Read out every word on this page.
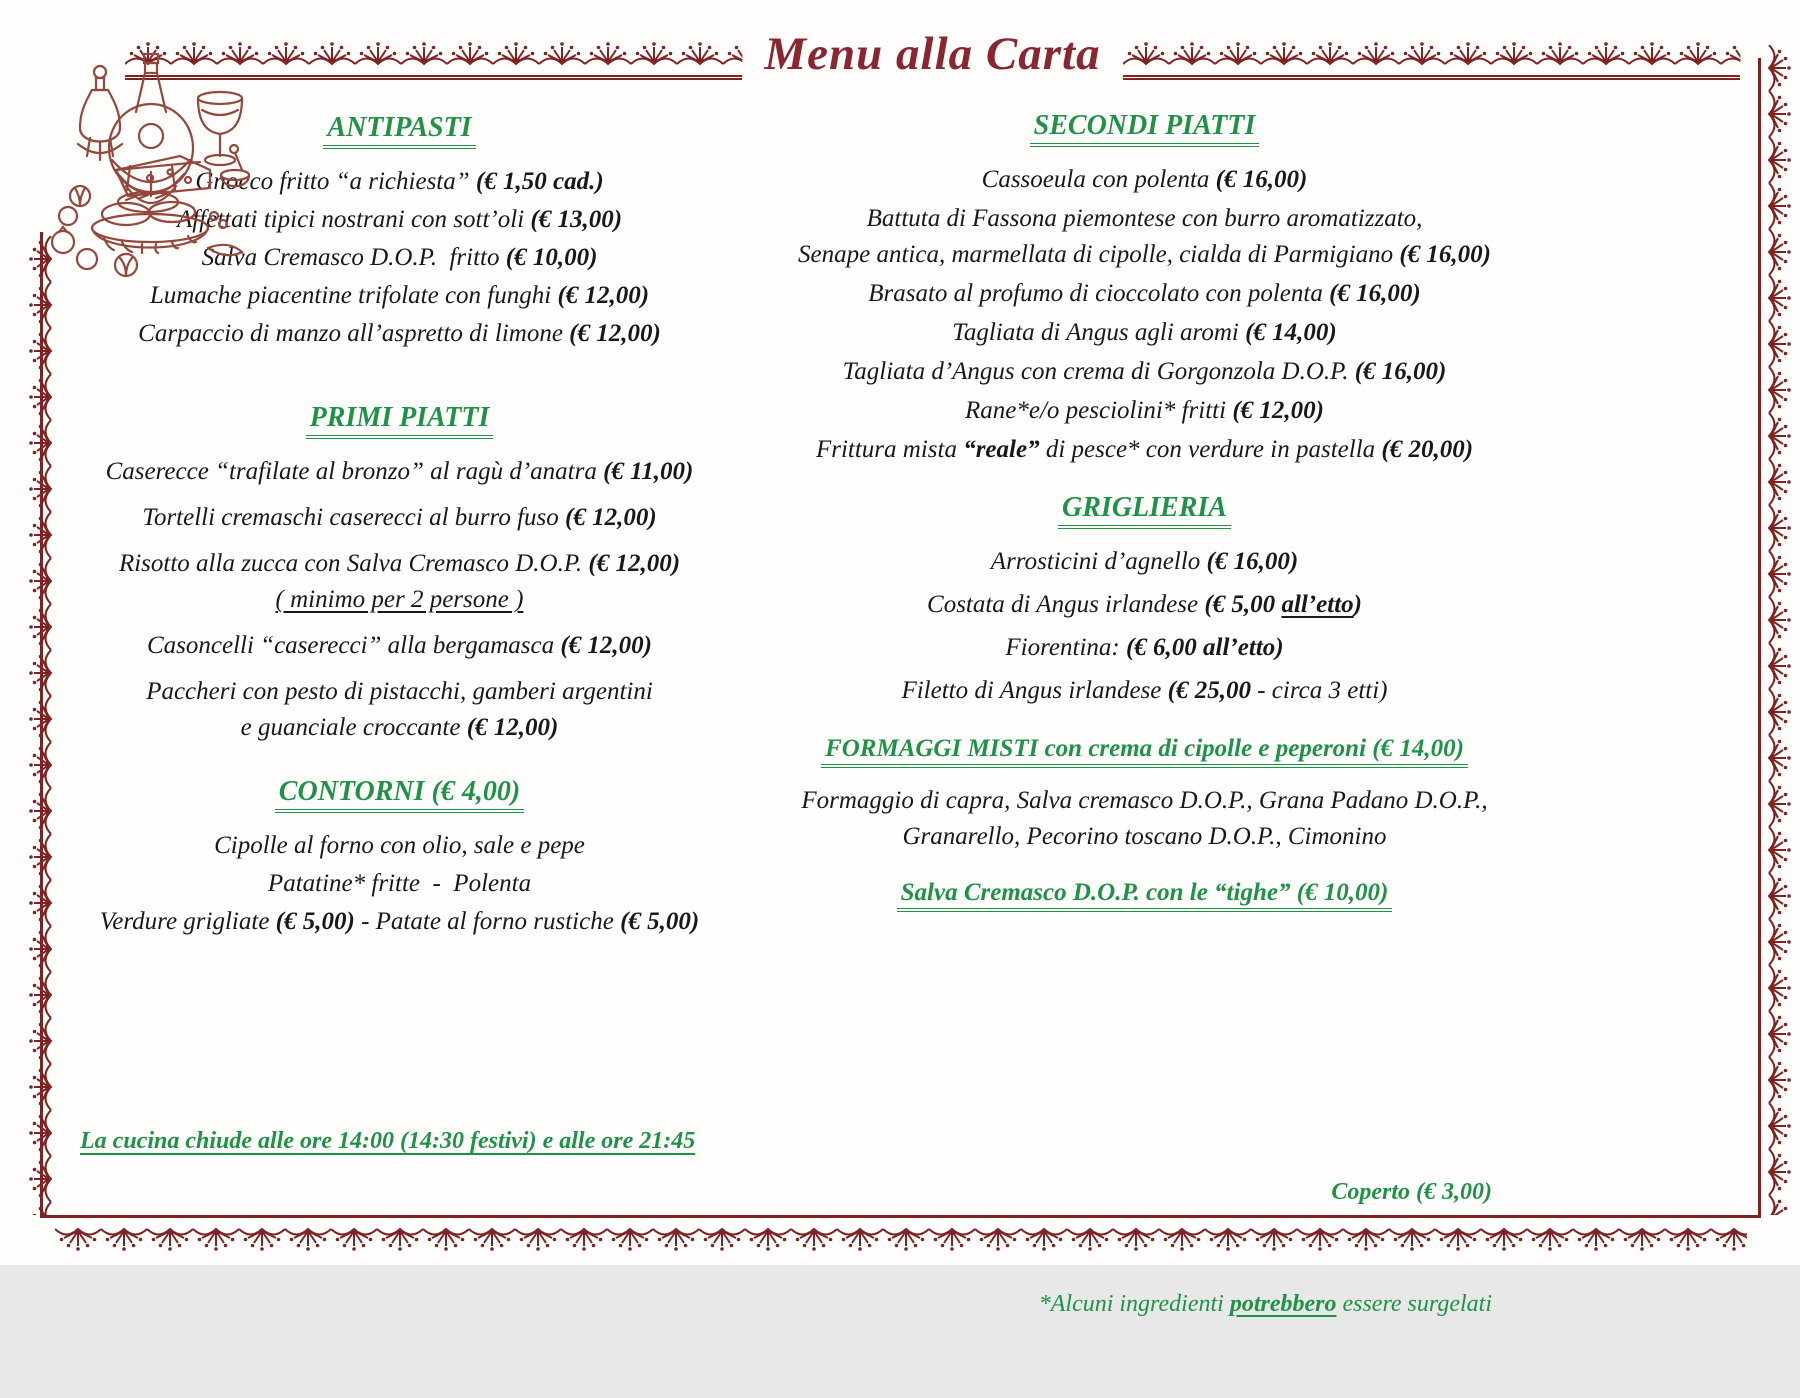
Menu alla Carta
ANTIPASTI
Gnocco fritto “a richiesta” (€ 1,50 cad.)
Affettati tipici nostrani con sott’oli (€ 13,00)
Salva Cremasco D.O.P.  fritto (€ 10,00)
Lumache piacentine trifolate con funghi (€ 12,00)
Carpaccio di manzo all’aspretto di limone (€ 12,00)
PRIMI PIATTI
Caserecce “trafilate al bronzo” al ragù d’anatra (€ 11,00)
Tortelli cremaschi caserecci al burro fuso (€ 12,00)
Risotto alla zucca con Salva Cremasco D.O.P. (€ 12,00)
( minimo per 2 persone )
Casoncelli “caserecci” alla bergamasca (€ 12,00)
Paccheri con pesto di pistacchi, gamberi argentini
e guanciale croccante (€ 12,00)
CONTORNI (€ 4,00)
Cipolle al forno con olio, sale e pepe
Patatine* fritte  -  Polenta
Verdure grigliate (€ 5,00) - Patate al forno rustiche (€ 5,00)
SECONDI PIATTI
Cassoeula con polenta (€ 16,00)
Battuta di Fassona piemontese con burro aromatizzato,
Senape antica, marmellata di cipolle, cialda di Parmigiano (€ 16,00)
Brasato al profumo di cioccolato con polenta (€ 16,00)
Tagliata di Angus agli aromi (€ 14,00)
Tagliata d’Angus con crema di Gorgonzola D.O.P. (€ 16,00)
Rane*e/o pesciolini* fritti (€ 12,00)
Frittura mista “reale” di pesce* con verdure in pastella (€ 20,00)
GRIGLIERIA
Arrosticini d’agnello (€ 16,00)
Costata di Angus irlandese (€ 5,00 all’etto)
Fiorentina: (€ 6,00 all’etto)
Filetto di Angus irlandese (€ 25,00 - circa 3 etti)
FORMAGGI MISTI con crema di cipolle e peperoni (€ 14,00)
Formaggio di capra, Salva cremasco D.O.P., Grana Padano D.O.P.,
Granarello, Pecorino toscano D.O.P., Cimonino
Salva Cremasco D.O.P. con le “tighe” (€ 10,00)
La cucina chiude alle ore 14:00 (14:30 festivi) e alle ore 21:45

Coperto (€ 3,00)

*Alcuni ingredienti potrebbero essere surgelati
